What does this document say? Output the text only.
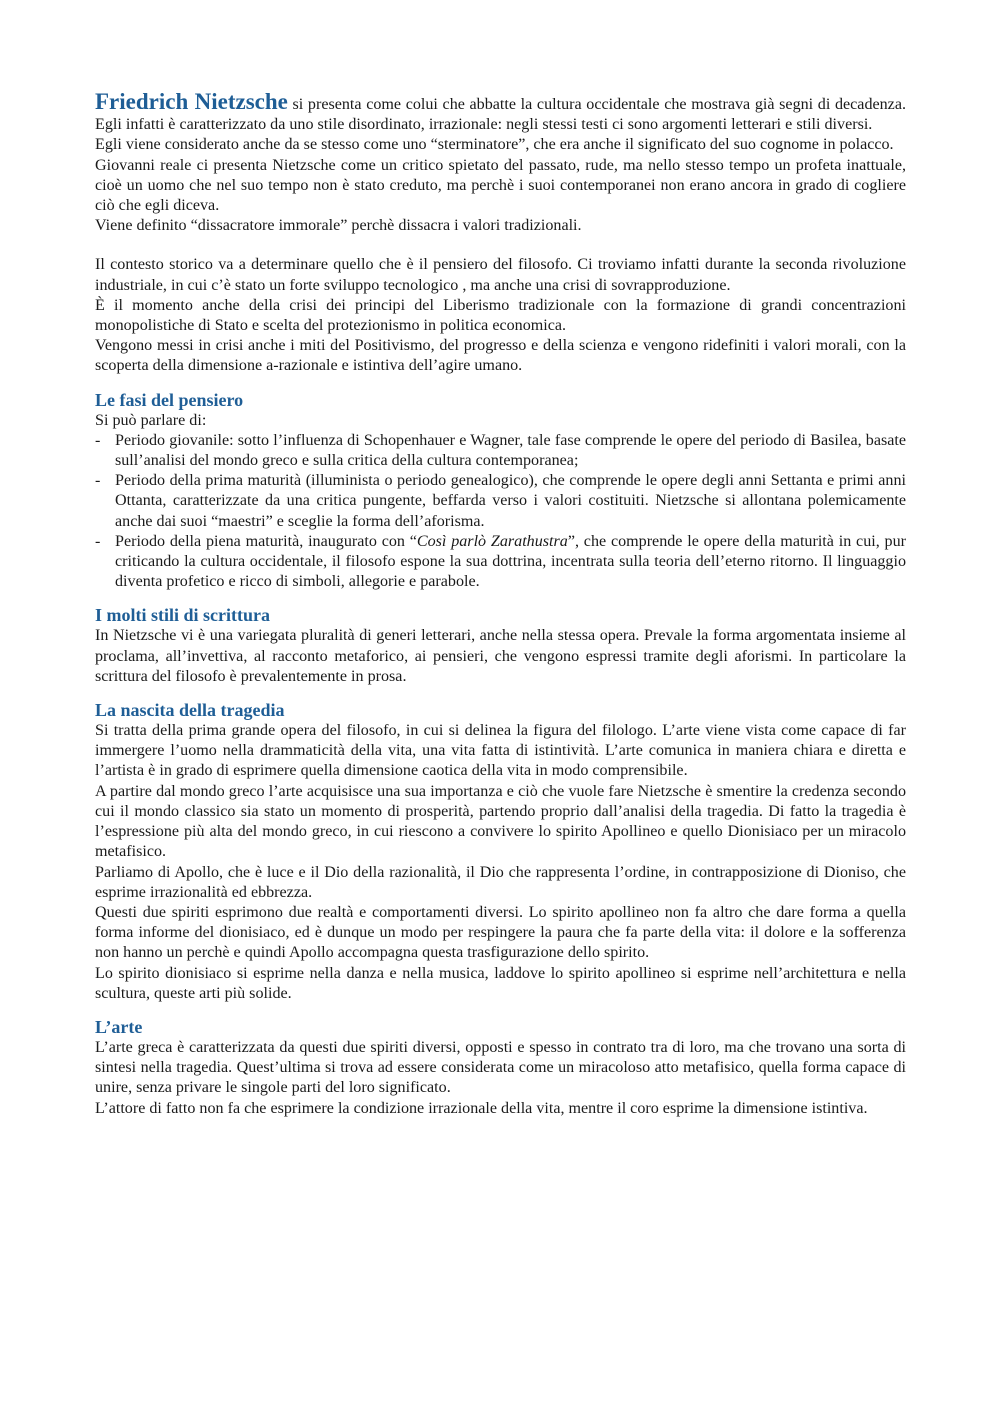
Friedrich Nietzsche si presenta come colui che abbatte la cultura occidentale che mostrava già segni di decadenza. Egli infatti è caratterizzato da uno stile disordinato, irrazionale: negli stessi testi ci sono argomenti letterari e stili diversi.

Egli viene considerato anche da se stesso come uno “sterminatore”, che era anche il significato del suo cognome in polacco.

Giovanni reale ci presenta Nietzsche come un critico spietato del passato, rude, ma nello stesso tempo un profeta inattuale, cioè un uomo che nel suo tempo non è stato creduto, ma perchè i suoi contemporanei non erano ancora in grado di cogliere ciò che egli diceva.

Viene definito “dissacratore immorale” perchè dissacra i valori tradizionali.

Il contesto storico va a determinare quello che è il pensiero del filosofo. Ci troviamo infatti durante la seconda rivoluzione industriale, in cui c’è stato un forte sviluppo tecnologico , ma anche una crisi di sovrapproduzione.

È il momento anche della crisi dei principi del Liberismo tradizionale con la formazione di grandi concentrazioni monopolistiche di Stato e scelta del protezionismo in politica economica.

Vengono messi in crisi anche i miti del Positivismo, del progresso e della scienza e vengono ridefiniti i valori morali, con la scoperta della dimensione a-razionale e istintiva dell’agire umano.

Le fasi del pensiero

Si può parlare di:

- Periodo giovanile: sotto l’influenza di Schopenhauer e Wagner, tale fase comprende le opere del periodo di Basilea, basate sull’analisi del mondo greco e sulla critica della cultura contemporanea;
- Periodo della prima maturità (illuminista o periodo genealogico), che comprende le opere degli anni Settanta e primi anni Ottanta, caratterizzate da una critica pungente, beffarda verso i valori costituiti. Nietzsche si allontana polemicamente anche dai suoi “maestri” e sceglie la forma dell’aforisma.
- Periodo della piena maturità, inaugurato con “Così parlò Zarathustra”, che comprende le opere della maturità in cui, pur criticando la cultura occidentale, il filosofo espone la sua dottrina, incentrata sulla teoria dell’eterno ritorno. Il linguaggio diventa profetico e ricco di simboli, allegorie e parabole.
I molti stili di scrittura

In Nietzsche vi è una variegata pluralità di generi letterari, anche nella stessa opera. Prevale la forma argomentata insieme al proclama, all’invettiva, al racconto metaforico, ai pensieri, che vengono espressi tramite degli aforismi. In particolare la scrittura del filosofo è prevalentemente in prosa.

La nascita della tragedia

Si tratta della prima grande opera del filosofo, in cui si delinea la figura del filologo. L’arte viene vista come capace di far immergere l’uomo nella drammaticità della vita, una vita fatta di istintività. L’arte comunica in maniera chiara e diretta e l’artista è in grado di esprimere quella dimensione caotica della vita in modo comprensibile.

A partire dal mondo greco l’arte acquisisce una sua importanza e ciò che vuole fare Nietzsche è smentire la credenza secondo cui il mondo classico sia stato un momento di prosperità, partendo proprio dall’analisi della tragedia. Di fatto la tragedia è l’espressione più alta del mondo greco, in cui riescono a convivere lo spirito Apollineo e quello Dionisiaco per un miracolo metafisico.

Parliamo di Apollo, che è luce e il Dio della razionalità, il Dio che rappresenta l’ordine, in contrapposizione di Dioniso, che esprime irrazionalità ed ebbrezza.

Questi due spiriti esprimono due realtà e comportamenti diversi. Lo spirito apollineo non fa altro che dare forma a quella forma informe del dionisiaco, ed è dunque un modo per respingere la paura che fa parte della vita: il dolore e la sofferenza non hanno un perchè e quindi Apollo accompagna questa trasfigurazione dello spirito.

Lo spirito dionisiaco si esprime nella danza e nella musica, laddove lo spirito apollineo si esprime nell’architettura e nella scultura, queste arti più solide.

L’arte

L’arte greca è caratterizzata da questi due spiriti diversi, opposti e spesso in contrato tra di loro, ma che trovano una sorta di sintesi nella tragedia. Quest’ultima si trova ad essere considerata come un miracoloso atto metafisico, quella forma capace di unire, senza privare le singole parti del loro significato.

L’attore di fatto non fa che esprimere la condizione irrazionale della vita, mentre il coro esprime la dimensione istintiva.
